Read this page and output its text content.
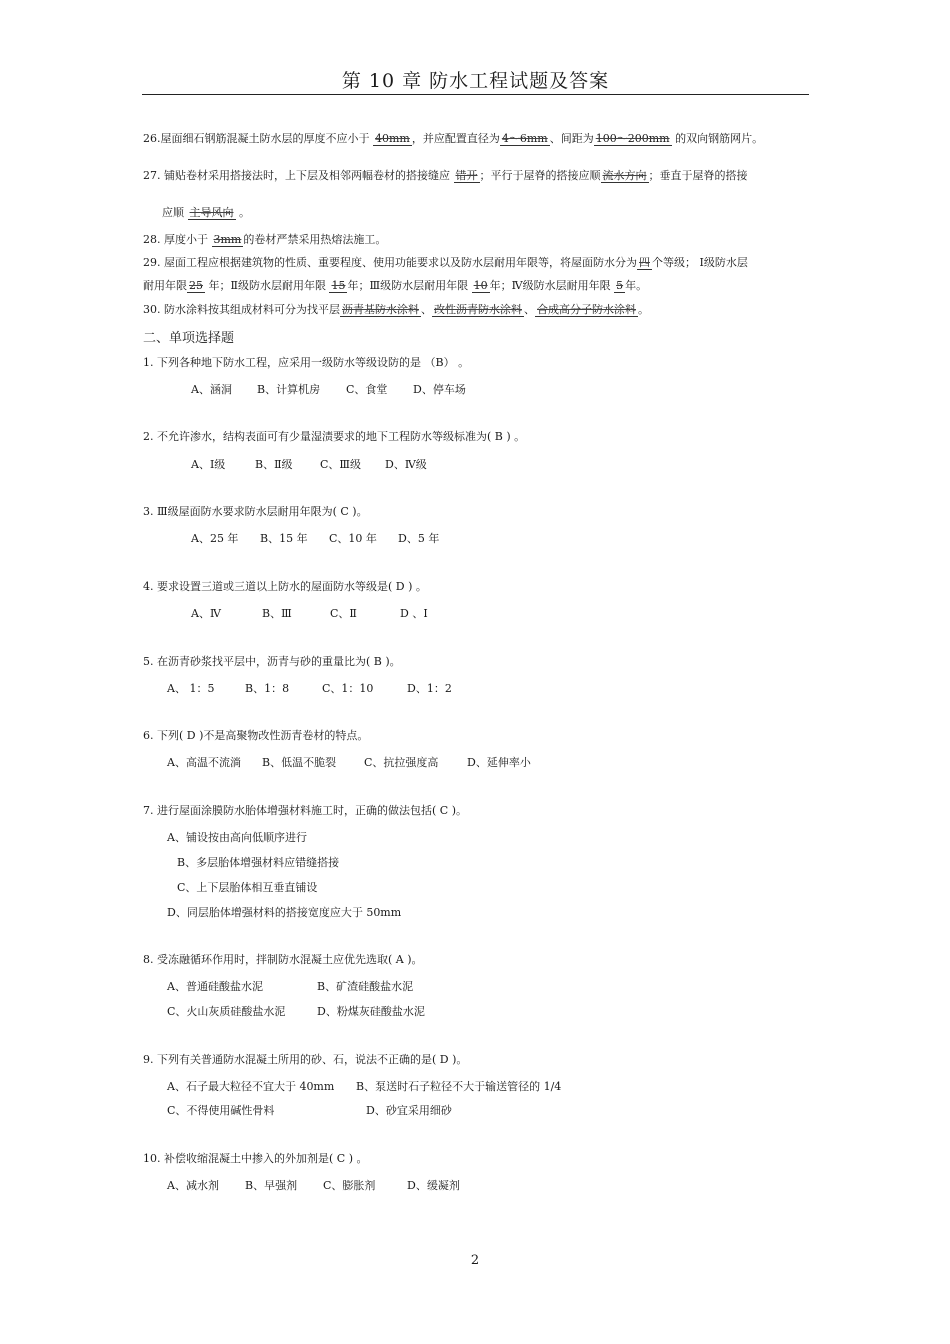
第 10 章 防水工程试题及答案
26.屋面细石钢筋混凝土防水层的厚度不应小于 40mm ，并应配置直径为 4～6mm 、间距为 100～200mm 的双向钢筋网片。
27. 铺贴卷材采用搭接法时，上下层及相邻两幅卷材的搭接缝应 错开 ；平行于屋脊的搭接应顺 流水方向 ；垂直于屋脊的搭接
应顺 主导风向 。
28. 厚度小于 3mm 的卷材严禁采用热熔法施工。
29. 屋面工程应根据建筑物的性质、重要程度、使用功能要求以及防水层耐用年限等，将屋面防水分为 四 个等级； Ⅰ级防水层
耐用年限 25 年；Ⅱ级防水层耐用年限 15 年；Ⅲ级防水层耐用年限 10 年；Ⅳ级防水层耐用年限 5 年。
30. 防水涂料按其组成材料可分为找平层 沥青基防水涂料 、 改性沥青防水涂料 、 合成高分子防水涂料 。
二、单项选择题
1. 下列各种地下防水工程，应采用一级防水等级设防的是 （B） 。
A、涵洞 B、计算机房 C、食堂 D、停车场
2. 不允许渗水，结构表面可有少量湿渍要求的地下工程防水等级标准为( B ) 。
A、Ⅰ级	B、Ⅱ级 C、Ⅲ级 D、Ⅳ级
3. Ⅲ级屋面防水要求防水层耐用年限为( C )。
A、25 年 B、15 年 C、10 年 D、5 年
4. 要求设置三道或三道以上防水的屋面防水等级是( D ) 。
A、Ⅳ	B、Ⅲ	C、Ⅱ	D 、Ⅰ
5. 在沥青砂浆找平层中，沥青与砂的重量比为( B )。
A、 1：5	B、1：8	C、1：10	D、1：2
6. 下列( D )不是高聚物改性沥青卷材的特点。
A、高温不流淌 B、低温不脆裂	C、抗拉强度高	D、延伸率小
7. 进行屋面涂膜防水胎体增强材料施工时，正确的做法包括( C )。
A、铺设按由高向低顺序进行
B、多层胎体增强材料应错缝搭接
C、上下层胎体相互垂直铺设
D、同层胎体增强材料的搭接宽度应大于 50mm
8. 受冻融循环作用时，拌制防水混凝土应优先选取( A )。
A、普通硅酸盐水泥	B、矿渣硅酸盐水泥
C、火山灰质硅酸盐水泥	D、粉煤灰硅酸盐水泥
9. 下列有关普通防水混凝土所用的砂、石，说法不正确的是( D )。
A、石子最大粒径不宜大于 40mm B、泵送时石子粒径不大于输送管径的 1/4
C、不得使用碱性骨料	D、砂宜采用细砂
10. 补偿收缩混凝土中掺入的外加剂是( C ) 。
A、减水剂 B、早强剂 C、膨胀剂	D、缓凝剂
2
